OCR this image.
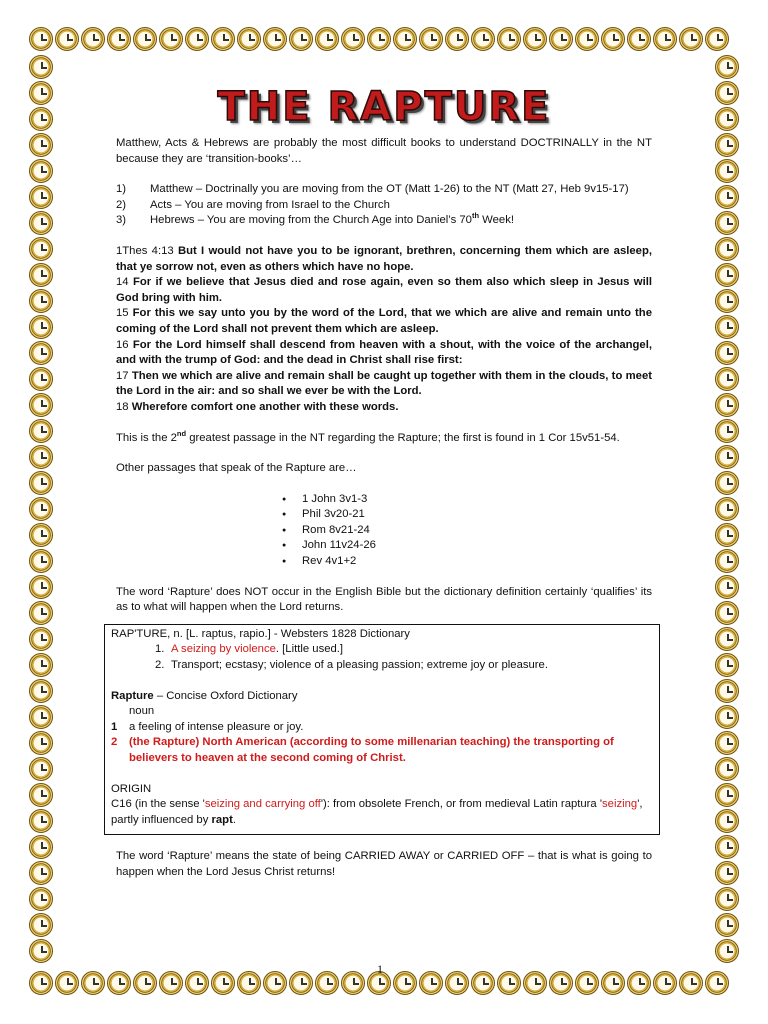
THE RAPTURE

Matthew, Acts & Hebrews are probably the most difficult books to understand DOCTRINALLY in the NT because they are ‘transition-books’…

1) Matthew – Doctrinally you are moving from the OT (Matt 1-26) to the NT (Matt 27, Heb 9v15-17)
2) Acts – You are moving from Israel to the Church
3) Hebrews – You are moving from the Church Age into Daniel’s 70th Week!

1Thes 4:13 But I would not have you to be ignorant, brethren, concerning them which are asleep, that ye sorrow not, even as others which have no hope.

14 For if we believe that Jesus died and rose again, even so them also which sleep in Jesus will God bring with him.

15 For this we say unto you by the word of the Lord, that we which are alive and remain unto the coming of the Lord shall not prevent them which are asleep.

16 For the Lord himself shall descend from heaven with a shout, with the voice of the archangel, and with the trump of God: and the dead in Christ shall rise first:

17 Then we which are alive and remain shall be caught up together with them in the clouds, to meet the Lord in the air: and so shall we ever be with the Lord.

18 Wherefore comfort one another with these words.

This is the 2nd greatest passage in the NT regarding the Rapture; the first is found in 1 Cor 15v51-54.

Other passages that speak of the Rapture are…

● 1 John 3v1-3
● Phil 3v20-21
● Rom 8v21-24
● John 11v24-26
● Rev 4v1+2

The word ‘Rapture’ does NOT occur in the English Bible but the dictionary definition certainly ‘qualifies’ its as to what will happen when the Lord returns.

RAP'TURE, n. [L. raptus, rapio.] - Websters 1828 Dictionary

1. A seizing by violence. [Little used.]
2. Transport; ecstasy; violence of a pleasing passion; extreme joy or pleasure.

Rapture – Concise Oxford Dictionary

noun

1 a feeling of intense pleasure or joy.
2 (the Rapture) North American (according to some millenarian teaching) the transporting of believers to heaven at the second coming of Christ.

ORIGIN

C16 (in the sense 'seizing and carrying off'): from obsolete French, or from medieval Latin raptura 'seizing', partly influenced by rapt.

The word ‘Rapture’ means the state of being CARRIED AWAY or CARRIED OFF – that is what is going to happen when the Lord Jesus Christ returns!

1
